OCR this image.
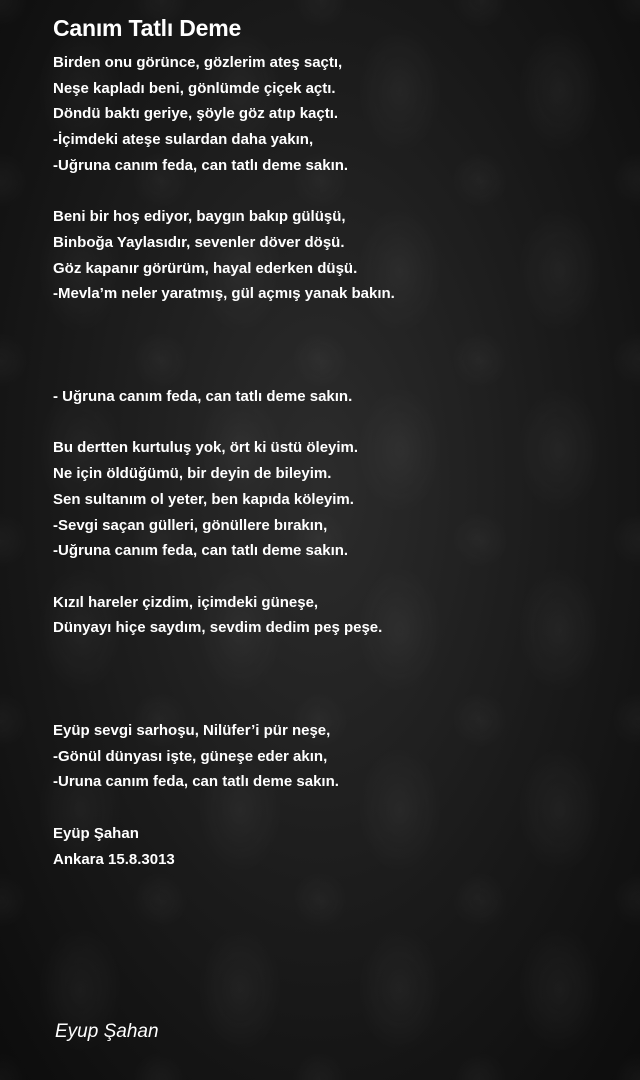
Canım Tatlı Deme

Birden onu görünce, gözlerim ateş saçtı,
Neşe kapladı beni, gönlümde çiçek açtı.
Döndü baktı geriye, şöyle göz atıp kaçtı.
-İçimdeki ateşe sulardan daha yakın,
-Uğruna canım feda, can tatlı deme sakın.

Beni bir hoş ediyor, baygın bakıp gülüşü,
Binboğa Yaylasıdır, sevenler döver döşü.
Göz kapanır görürüm, hayal ederken düşü.
-Mevla’m neler yaratmış, gül açmış yanak bakın.

- Uğruna canım feda, can tatlı deme sakın.

Bu dertten kurtuluş yok, ört ki üstü öleyim.
Ne için öldüğümü, bir deyin de bileyim.
Sen sultanım ol yeter, ben kapıda köleyim.
-Sevgi saçan gülleri, gönüllere bırakın,
-Uğruna canım feda, can tatlı deme sakın.

Kızıl hareler çizdim, içimdeki güneşe,
Dünyayı hiçe saydım, sevdim dedim peş peşe.

Eyüp sevgi sarhoşu, Nilüfer’i pür neşe,
-Gönül dünyası işte, güneşe eder akın,
-Uruna canım feda, can tatlı deme sakın.

Eyüp Şahan
Ankara 15.8.3013

Eyup Şahan
